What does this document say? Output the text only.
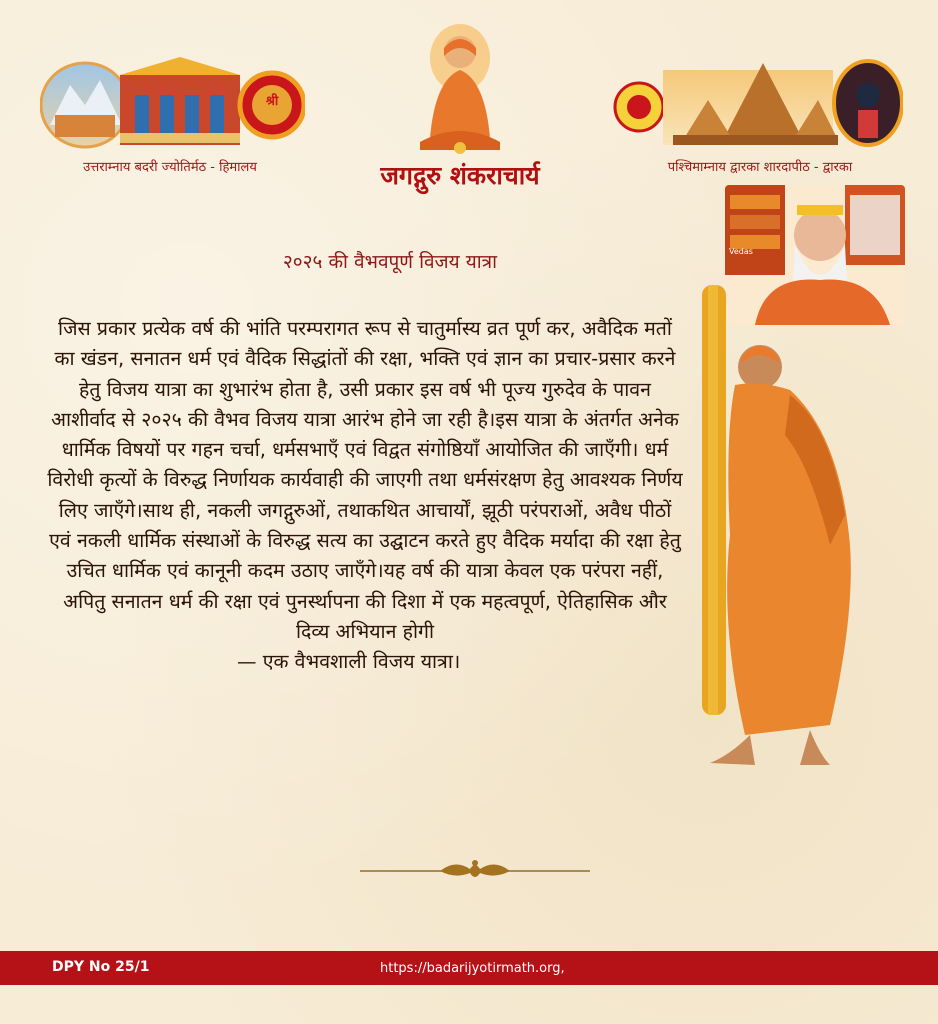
श्री
उत्तराम्नाय बदरी ज्योतिर्मठ - हिमालय	जगद्गुरु शंकराचार्य	पश्चिमाम्नाय द्वारका शारदापीठ - द्वारका
Vedas
२०२५ की वैभवपूर्ण विजय यात्रा

जिस प्रकार प्रत्येक वर्ष की भांति परम्परागत रूप से चातुर्मास्य व्रत पूर्ण कर, अवैदिक मतों का खंडन, सनातन धर्म एवं वैदिक सिद्धांतों की रक्षा, भक्ति एवं ज्ञान का प्रचार-प्रसार करने हेतु विजय यात्रा का शुभारंभ होता है, उसी प्रकार इस वर्ष भी पूज्य गुरुदेव के पावन आशीर्वाद से २०२५ की वैभव विजय यात्रा आरंभ होने जा रही है।इस यात्रा के अंतर्गत अनेक धार्मिक विषयों पर गहन चर्चा, धर्मसभाएँ एवं विद्वत संगोष्ठियाँ आयोजित की जाएँगी। धर्म विरोधी कृत्यों के विरुद्ध निर्णायक कार्यवाही की जाएगी तथा धर्मसंरक्षण हेतु आवश्यक निर्णय लिए जाएँगे।साथ ही, नकली जगद्गुरुओं, तथाकथित आचार्यों, झूठी परंपराओं, अवैध पीठों एवं नकली धार्मिक संस्थाओं के विरुद्ध सत्य का उद्घाटन करते हुए वैदिक मर्यादा की रक्षा हेतु उचित धार्मिक एवं कानूनी कदम उठाए जाएँगे।यह वर्ष की यात्रा केवल एक परंपरा नहीं, अपितु सनातन धर्म की रक्षा एवं पुनर्स्थापना की दिशा में एक महत्वपूर्ण, ऐतिहासिक और दिव्य अभियान होगी

— एक वैभवशाली विजय यात्रा।

DPY No 25/1	https://badarijyotirmath.org,
